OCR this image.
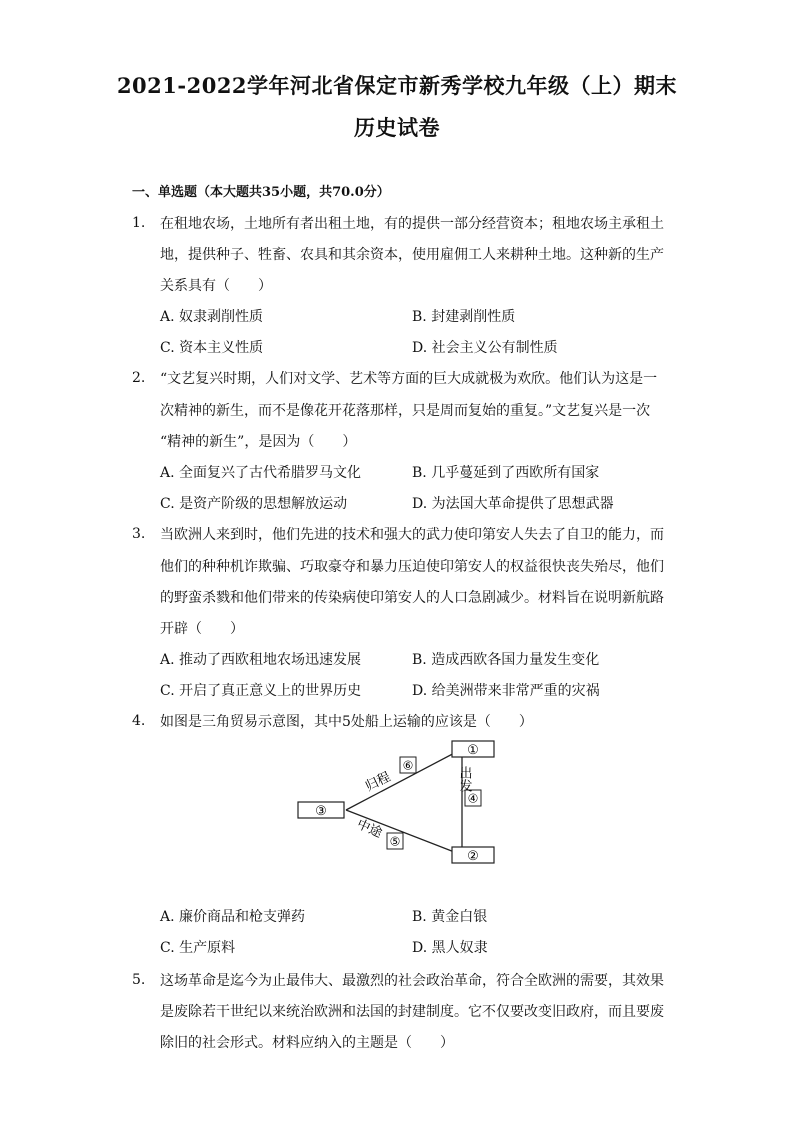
2021-2022学年河北省保定市新秀学校九年级（上）期末
历史试卷
一、单选题（本大题共35小题，共70.0分）
1. 在租地农场，土地所有者出租土地，有的提供一部分经营资本；租地农场主承租土
地，提供种子、牲畜、农具和其余资本，使用雇佣工人来耕种土地。这种新的生产
关系具有（　　）
A. 奴隶剥削性质	B. 封建剥削性质
C. 资本主义性质	D. 社会主义公有制性质
2. “文艺复兴时期，人们对文学、艺术等方面的巨大成就极为欢欣。他们认为这是一
次精神的新生，而不是像花开花落那样，只是周而复始的重复。”文艺复兴是一次
“精神的新生”，是因为（　　）
A. 全面复兴了古代希腊罗马文化	B. 几乎蔓延到了西欧所有国家
C. 是资产阶级的思想解放运动	D. 为法国大革命提供了思想武器
3. 当欧洲人来到时，他们先进的技术和强大的武力使印第安人失去了自卫的能力，而
他们的种种机诈欺骗、巧取豪夺和暴力压迫使印第安人的权益很快丧失殆尽，他们
的野蛮杀戮和他们带来的传染病使印第安人的人口急剧减少。材料旨在说明新航路
开辟（　　）
A. 推动了西欧租地农场迅速发展	B. 造成西欧各国力量发生变化
C. 开启了真正意义上的世界历史	D. 给美洲带来非常严重的灾祸
4. 如图是三角贸易示意图，其中5处船上运输的应该是（　　）
①
②
③
⑥
④
⑤
归程
中途
出发
A. 廉价商品和枪支弹药	B. 黄金白银
C. 生产原料	D. 黑人奴隶
5. 这场革命是迄今为止最伟大、最激烈的社会政治革命，符合全欧洲的需要，其效果
是废除若干世纪以来统治欧洲和法国的封建制度。它不仅要改变旧政府，而且要废
除旧的社会形式。材料应纳入的主题是（　　）
